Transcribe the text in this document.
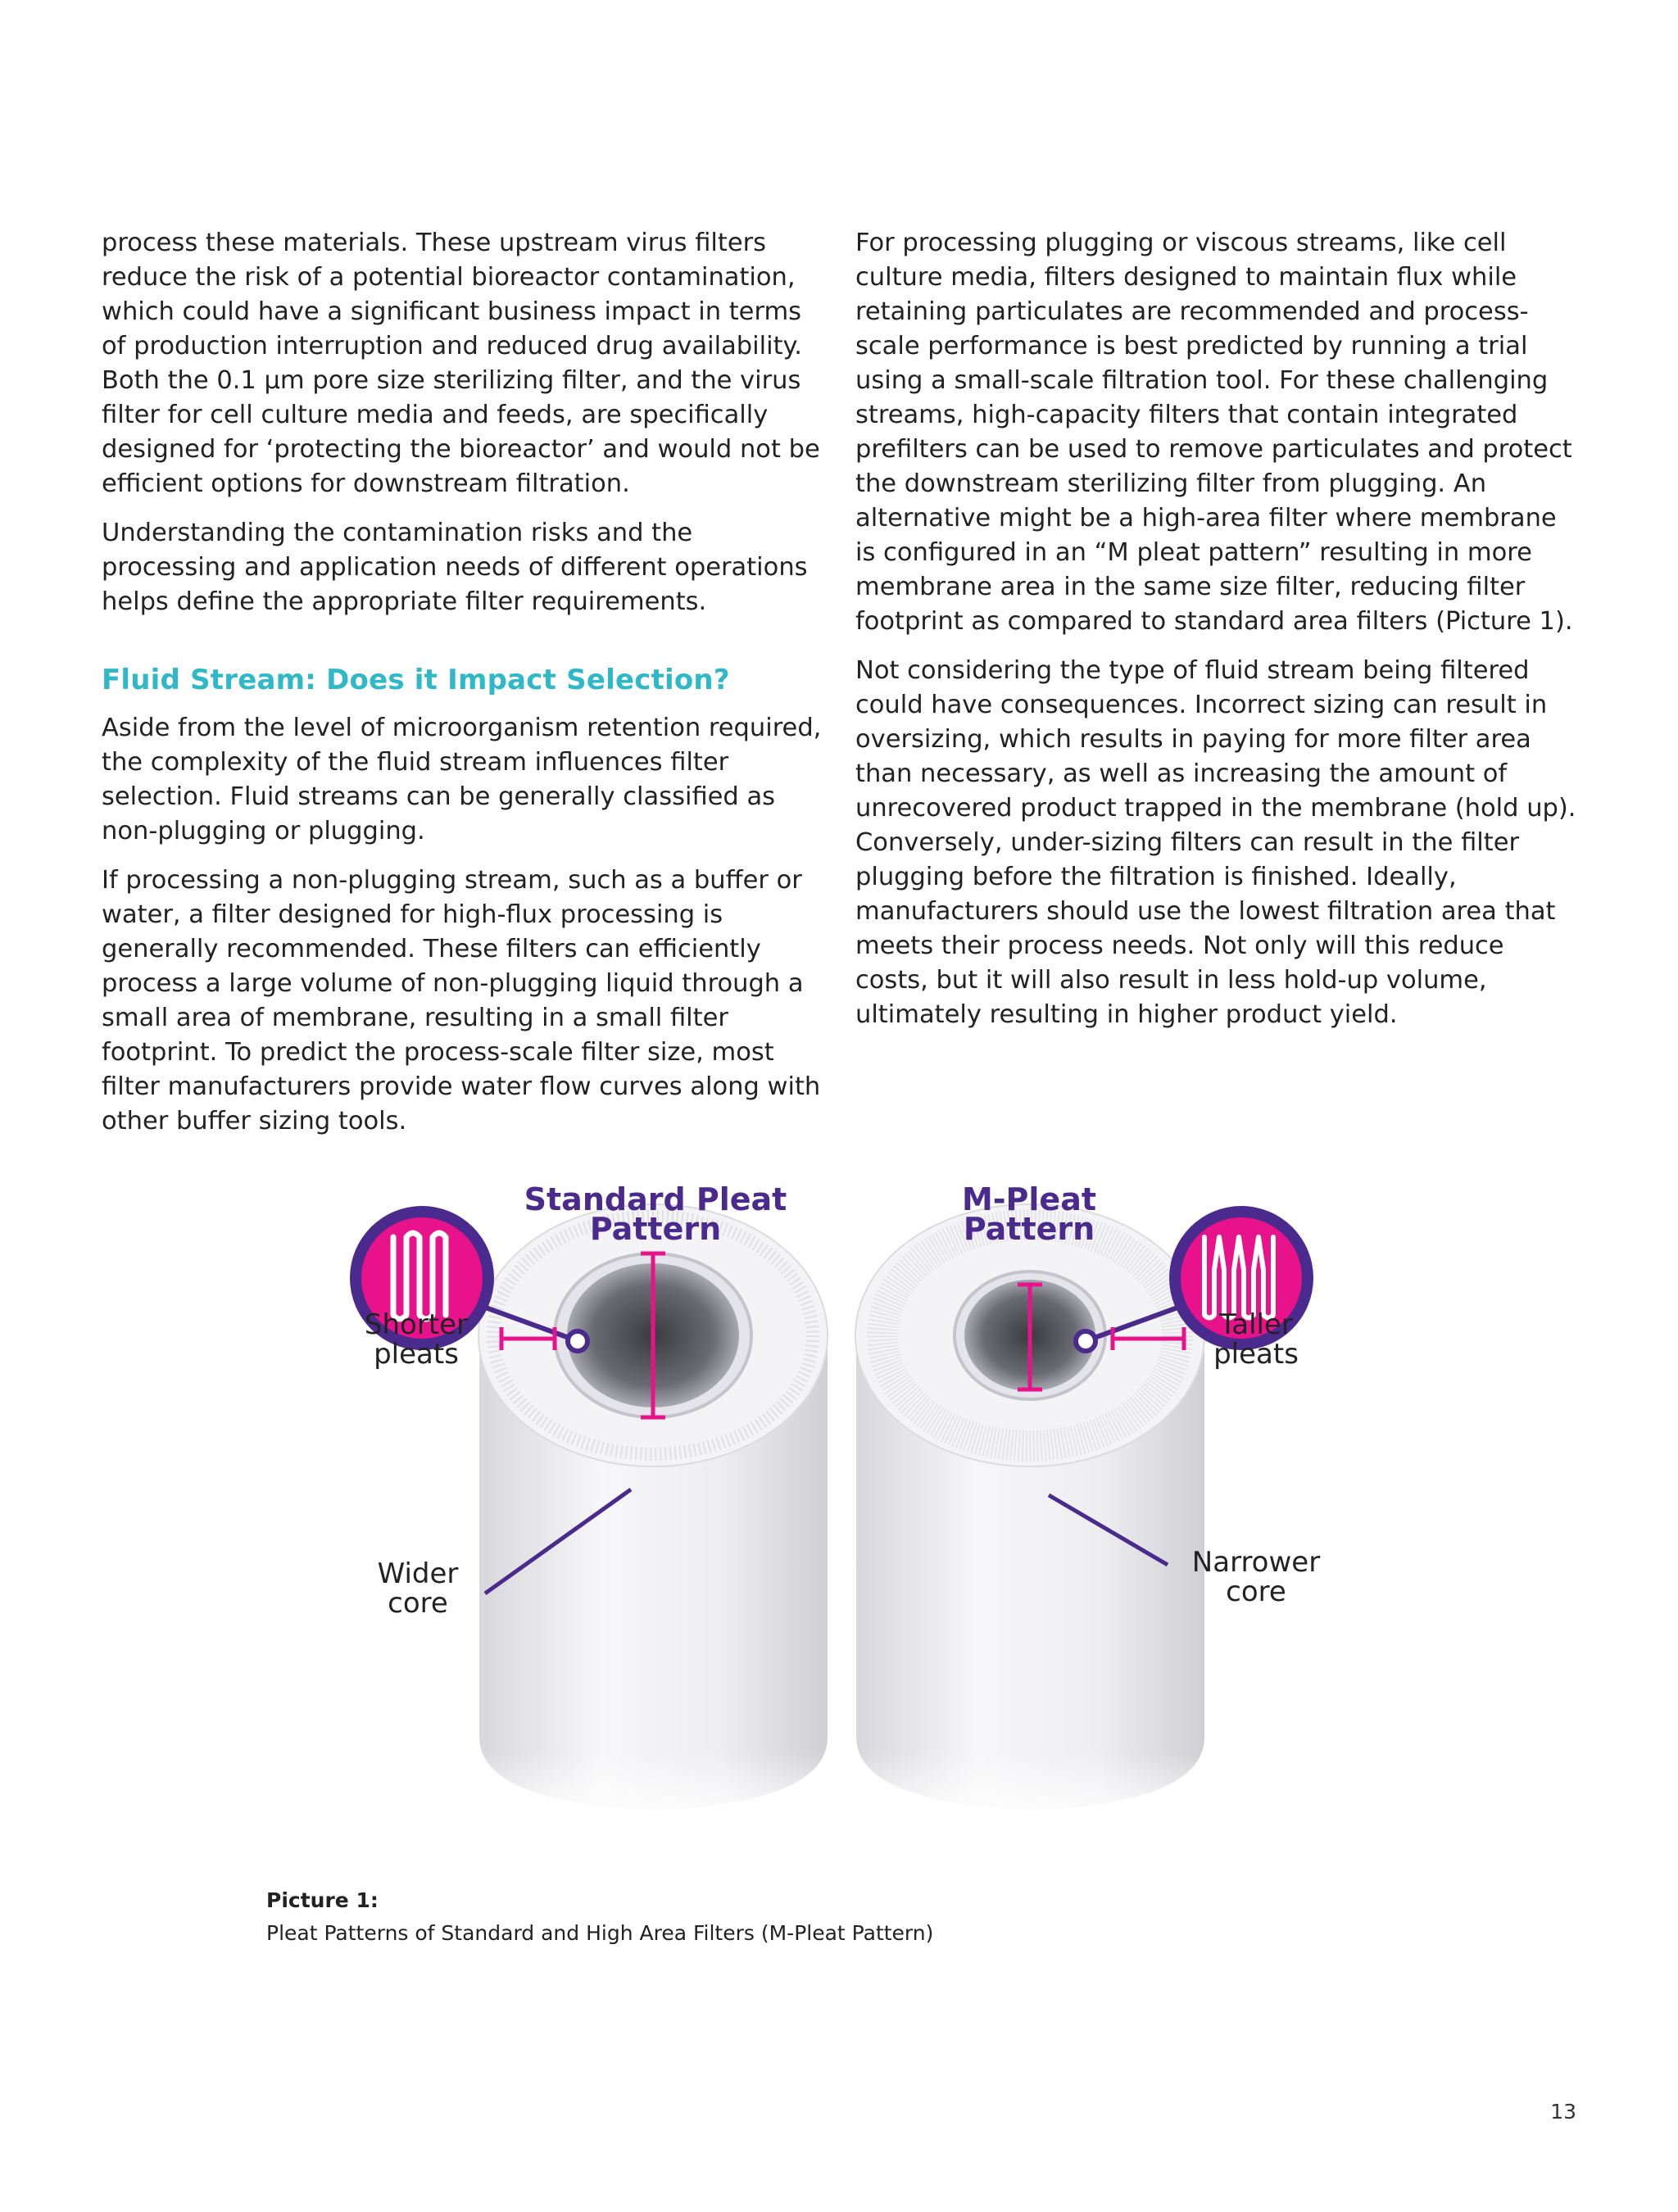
process these materials. These upstream virus filters reduce the risk of a potential bioreactor contamination, which could have a significant business impact in terms of production interruption and reduced drug availability. Both the 0.1 μm pore size sterilizing filter, and the virus filter for cell culture media and feeds, are specifically designed for ‘protecting the bioreactor’ and would not be efficient options for downstream filtration.

Understanding the contamination risks and the processing and application needs of different operations helps define the appropriate filter requirements.

Fluid Stream: Does it Impact Selection?

Aside from the level of microorganism retention required, the complexity of the fluid stream influences filter selection. Fluid streams can be generally classified as non-plugging or plugging.

If processing a non-plugging stream, such as a buffer or water, a filter designed for high-flux processing is generally recommended. These filters can efficiently process a large volume of non-plugging liquid through a small area of membrane, resulting in a small filter footprint. To predict the process-scale filter size, most filter manufacturers provide water flow curves along with other buffer sizing tools.

For processing plugging or viscous streams, like cell culture media, filters designed to maintain flux while retaining particulates are recommended and process-scale performance is best predicted by running a trial using a small-scale filtration tool. For these challenging streams, high-capacity filters that contain integrated prefilters can be used to remove particulates and protect the downstream sterilizing filter from plugging. An alternative might be a high-area filter where membrane is configured in an “M pleat pattern” resulting in more membrane area in the same size filter, reducing filter footprint as compared to standard area filters (Picture 1).

Not considering the type of fluid stream being filtered could have consequences. Incorrect sizing can result in oversizing, which results in paying for more filter area than necessary, as well as increasing the amount of unrecovered product trapped in the membrane (hold up). Conversely, under-sizing filters can result in the filter plugging before the filtration is finished. Ideally, manufacturers should use the lowest filtration area that meets their process needs. Not only will this reduce costs, but it will also result in less hold-up volume, ultimately resulting in higher product yield.

Standard Pleat
Pattern
M-Pleat
Pattern
Shorter
pleats
Wider
core
Taller
pleats
Narrower
core
Picture 1:
Pleat Patterns of Standard and High Area Filters (M-Pleat Pattern)
13
